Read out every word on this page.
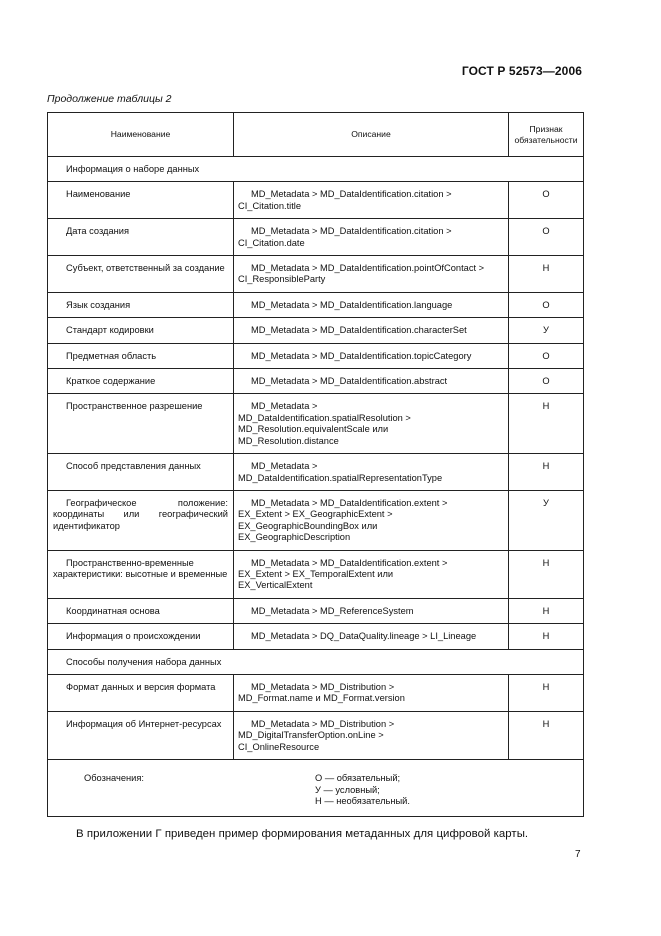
ГОСТ Р 52573—2006
Продолжение таблицы 2
Наименование	Описание	Признак
обязательности
Информация о наборе данных		
Наименование	MD_Metadata > MD_DataIdentification.citation >
CI_Citation.title	О
Дата создания	MD_Metadata > MD_DataIdentification.citation >
CI_Citation.date	О
Субъект, ответственный за создание	MD_Metadata > MD_DataIdentification.pointOfContact >
CI_ResponsibleParty	Н
Язык создания	MD_Metadata > MD_DataIdentification.language	О
Стандарт кодировки	MD_Metadata > MD_DataIdentification.characterSet	У
Предметная область	MD_Metadata > MD_DataIdentification.topicCategory	О
Краткое содержание	MD_Metadata > MD_DataIdentification.abstract	О
Пространственное разрешение	MD_Metadata >
MD_DataIdentification.spatialResolution >
MD_Resolution.equivalentScale или
MD_Resolution.distance	Н
Способ представления данных	MD_Metadata >
MD_DataIdentification.spatialRepresentationType	Н
Географическое положение: координаты или географический идентификатор	MD_Metadata > MD_DataIdentification.extent >
EX_Extent > EX_GeographicExtent >
EX_GeographicBoundingBox или
EX_GeographicDescription	У
Пространственно-временные характеристики: высотные и временные	MD_Metadata > MD_DataIdentification.extent >
EX_Extent > EX_TemporalExtent или
EX_VerticalExtent	Н
Координатная основа	MD_Metadata > MD_ReferenceSystem	Н
Информация о происхождении	MD_Metadata > DQ_DataQuality.lineage > LI_Lineage	Н
Способы получения набора данных		
Формат данных и версия формата	MD_Metadata > MD_Distribution >
MD_Format.name и MD_Format.version	Н
Информация об Интернет-ресурсах	MD_Metadata > MD_Distribution >
MD_DigitalTransferOption.onLine >
CI_OnlineResource	Н

Обозначения: О — обязательный;
У — условный;
Н — необязательный.		
В приложении Г приведен пример формирования метаданных для цифровой карты.
7
